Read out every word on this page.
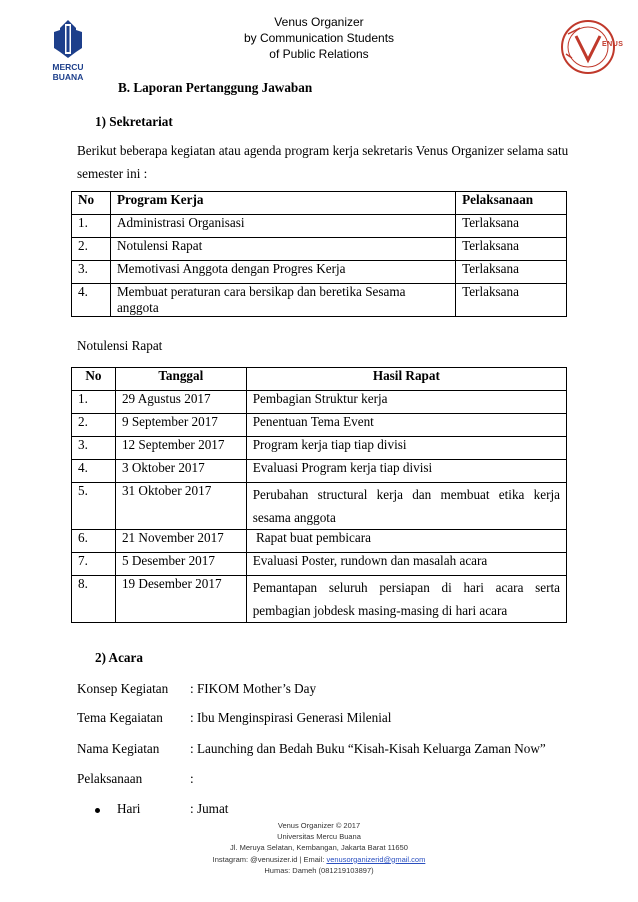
MERCU BUANA
Venus Organizer
by Communication Students
of Public Relations
ENUS
B. Laporan Pertanggung Jawaban
1) Sekretariat
Berikut beberapa kegiatan atau agenda program kerja sekretaris Venus Organizer selama satu
semester ini :
No	Program Kerja	Pelaksanaan
1.	Administrasi Organisasi	Terlaksana
2.	Notulensi Rapat	Terlaksana
3.	Memotivasi Anggota dengan Progres Kerja	Terlaksana
4.	Membuat peraturan cara bersikap dan beretika Sesama anggota	Terlaksana
Notulensi Rapat
No	Tanggal	Hasil Rapat
1.	29 Agustus 2017	Pembagian Struktur kerja
2.	9 September 2017	Penentuan Tema Event
3.	12 September 2017	Program kerja tiap tiap divisi
4.	3 Oktober 2017	Evaluasi Program kerja tiap divisi
5.	31 Oktober 2017	Perubahan structural kerja dan membuat etika kerja sesama anggota
6.	21 November 2017	Rapat buat pembicara
7.	5 Desember 2017	Evaluasi Poster, rundown dan masalah acara
8.	19 Desember 2017	Pemantapan seluruh persiapan di hari acara serta pembagian jobdesk masing-masing di hari acara
2) Acara
Konsep Kegiatan : FIKOM Mother’s Day
Tema Kegaiatan : Ibu Menginspirasi Generasi Milenial
Nama Kegiatan : Launching dan Bedah Buku “Kisah-Kisah Keluarga Zaman Now”
Pelaksanaan	:
Hari	: Jumat
Venus Organizer © 2017
Universitas Mercu Buana
Jl. Meruya Selatan, Kembangan, Jakarta Barat 11650
Instagram: @venusizer.id | Email: venusorganizerid@gmail.com
Humas: Dameh (081219103897)
